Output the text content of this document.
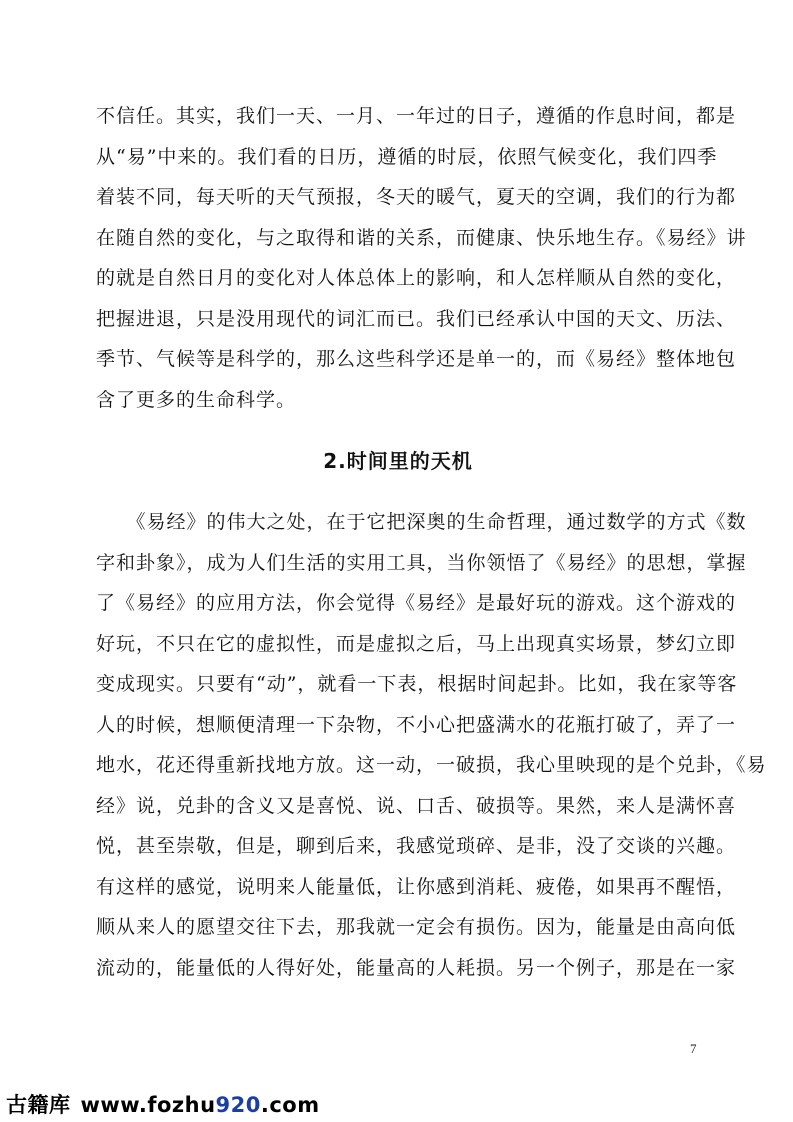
不信任。其实，我们一天、一月、一年过的日子，遵循的作息时间，都是

从“易”中来的。我们看的日历，遵循的时辰，依照气候变化，我们四季

着装不同，每天听的天气预报，冬天的暖气，夏天的空调，我们的行为都

在随自然的变化，与之取得和谐的关系，而健康、快乐地生存。《易经》讲

的就是自然日月的变化对人体总体上的影响，和人怎样顺从自然的变化，

把握进退，只是没用现代的词汇而已。我们已经承认中国的天文、历法、

季节、气候等是科学的，那么这些科学还是单一的，而《易经》整体地包

含了更多的生命科学。

2.时间里的天机

　　《易经》的伟大之处，在于它把深奥的生命哲理，通过数学的方式《数

字和卦象》，成为人们生活的实用工具，当你领悟了《易经》的思想，掌握

了《易经》的应用方法，你会觉得《易经》是最好玩的游戏。这个游戏的

好玩，不只在它的虚拟性，而是虚拟之后，马上出现真实场景，梦幻立即

变成现实。只要有“动”，就看一下表，根据时间起卦。比如，我在家等客

人的时候，想顺便清理一下杂物，不小心把盛满水的花瓶打破了，弄了一

地水，花还得重新找地方放。这一动，一破损，我心里映现的是个兑卦，《易

经》说，兑卦的含义又是喜悦、说、口舌、破损等。果然，来人是满怀喜

悦，甚至崇敬，但是，聊到后来，我感觉琐碎、是非，没了交谈的兴趣。

有这样的感觉，说明来人能量低，让你感到消耗、疲倦，如果再不醒悟，

顺从来人的愿望交往下去，那我就一定会有损伤。因为，能量是由高向低

流动的，能量低的人得好处，能量高的人耗损。另一个例子，那是在一家

7
古籍库 www.fozhu920.com
